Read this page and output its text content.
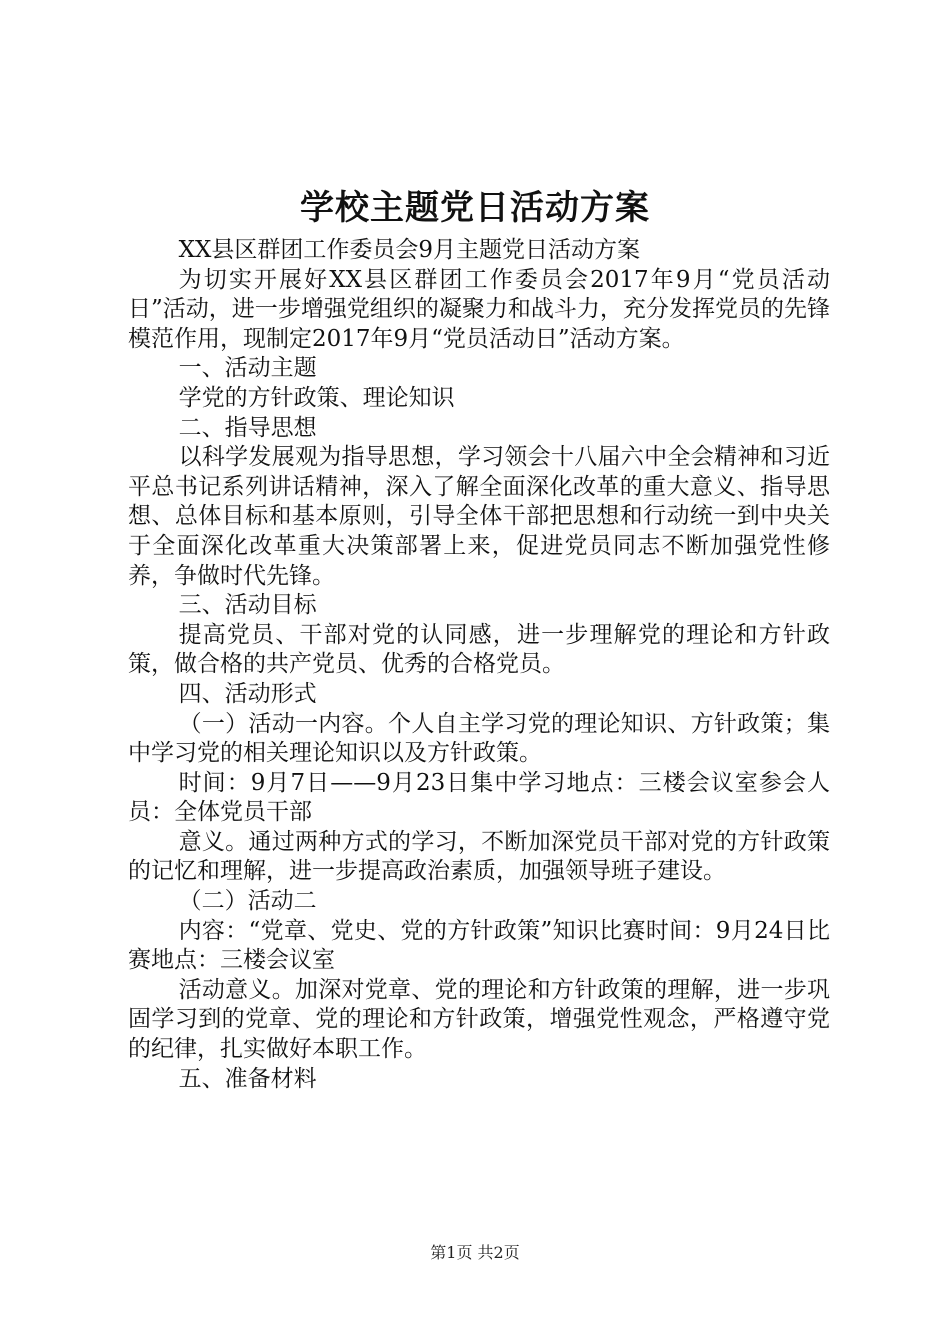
学校主题党日活动方案

XX县区群团工作委员会9月主题党日活动方案

为切实开展好XX县区群团工作委员会2017年9月“党员活动日”活动，进一步增强党组织的凝聚力和战斗力，充分发挥党员的先锋模范作用，现制定2017年9月“党员活动日”活动方案。

一、活动主题

学党的方针政策、理论知识

二、指导思想

以科学发展观为指导思想，学习领会十八届六中全会精神和习近平总书记系列讲话精神，深入了解全面深化改革的重大意义、指导思想、总体目标和基本原则，引导全体干部把思想和行动统一到中央关于全面深化改革重大决策部署上来，促进党员同志不断加强党性修养，争做时代先锋。

三、活动目标

提高党员、干部对党的认同感，进一步理解党的理论和方针政策，做合格的共产党员、优秀的合格党员。

四、活动形式

（一）活动一内容。个人自主学习党的理论知识、方针政策；集中学习党的相关理论知识以及方针政策。

时间：9月7日——9月23日集中学习地点：三楼会议室参会人员：全体党员干部

意义。通过两种方式的学习，不断加深党员干部对党的方针政策的记忆和理解，进一步提高政治素质，加强领导班子建设。

（二）活动二

内容：“党章、党史、党的方针政策”知识比赛时间：9月24日比赛地点：三楼会议室

活动意义。加深对党章、党的理论和方针政策的理解，进一步巩固学习到的党章、党的理论和方针政策，增强党性观念，严格遵守党的纪律，扎实做好本职工作。

五、准备材料

第1页 共2页
